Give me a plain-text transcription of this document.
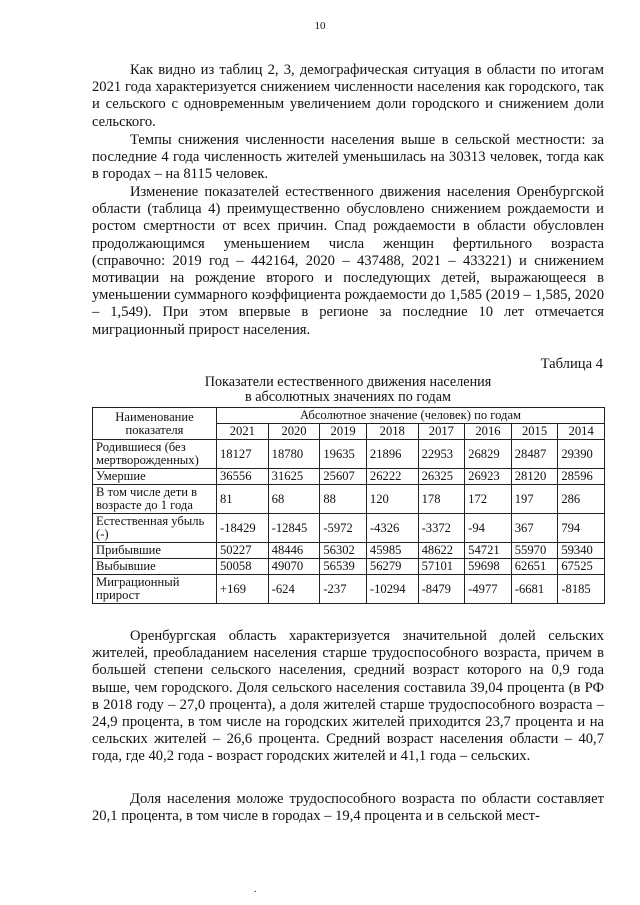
10

Как видно из таблиц 2, 3, демографическая ситуация в области по итогам 2021 года характеризуется снижением численности населения как городского, так и сельского с одновременным увеличением доли городского и снижением доли сельского.

Темпы снижения численности населения выше в сельской местности: за последние 4 года численность жителей уменьшилась на 30313 человек, тогда как в городах – на 8115 человек.

Изменение показателей естественного движения населения Оренбургской области (таблица 4) преимущественно обусловлено снижением рождаемости и ростом смертности от всех причин. Спад рождаемости в области обусловлен продолжающимся уменьшением числа женщин фертильного возраста (справочно: 2019 год – 442164, 2020 – 437488, 2021 – 433221) и снижением мотивации на рождение второго и последующих детей, выражающееся в уменьшении суммарного коэффициента рождаемости до 1,585 (2019 – 1,585, 2020 – 1,549). При этом впервые в регионе за последние 10 лет отмечается миграционный прирост населения.

Таблица 4
Показатели естественного движения населения
в абсолютных значениях по годам
Наименование показателя	Абсолютное значение (человек) по годам							
	2021	2020	2019	2018	2017	2016	2015	2014
Родившиеся (без мертворожденных)	18127	18780	19635	21896	22953	26829	28487	29390
Умершие	36556	31625	25607	26222	26325	26923	28120	28596
В том числе дети в возрасте до 1 года	81	68	88	120	178	172	197	286
Естественная убыль (-)	-18429	-12845	-5972	-4326	-3372	-94	367	794
Прибывшие	50227	48446	56302	45985	48622	54721	55970	59340
Выбывшие	50058	49070	56539	56279	57101	59698	62651	67525
Миграционный прирост	+169	-624	-237	-10294	-8479	-4977	-6681	-8185

Оренбургская область характеризуется значительной долей сельских жителей, преобладанием населения старше трудоспособного возраста, причем в большей степени сельского населения, средний возраст которого на 0,9 года выше, чем городского. Доля сельского населения составила 39,04 процента (в РФ в 2018 году – 27,0 процента), а доля жителей старше трудоспособного возраста – 24,9 процента, в том числе на городских жителей приходится 23,7 процента и на сельских жителей – 26,6 процента. Средний возраст населения области – 40,7 года, где 40,2 года - возраст городских жителей и 41,1 года – сельских.

Доля населения моложе трудоспособного возраста по области составляет 20,1 процента, в том числе в городах – 19,4 процента и в сельской мест-

.
